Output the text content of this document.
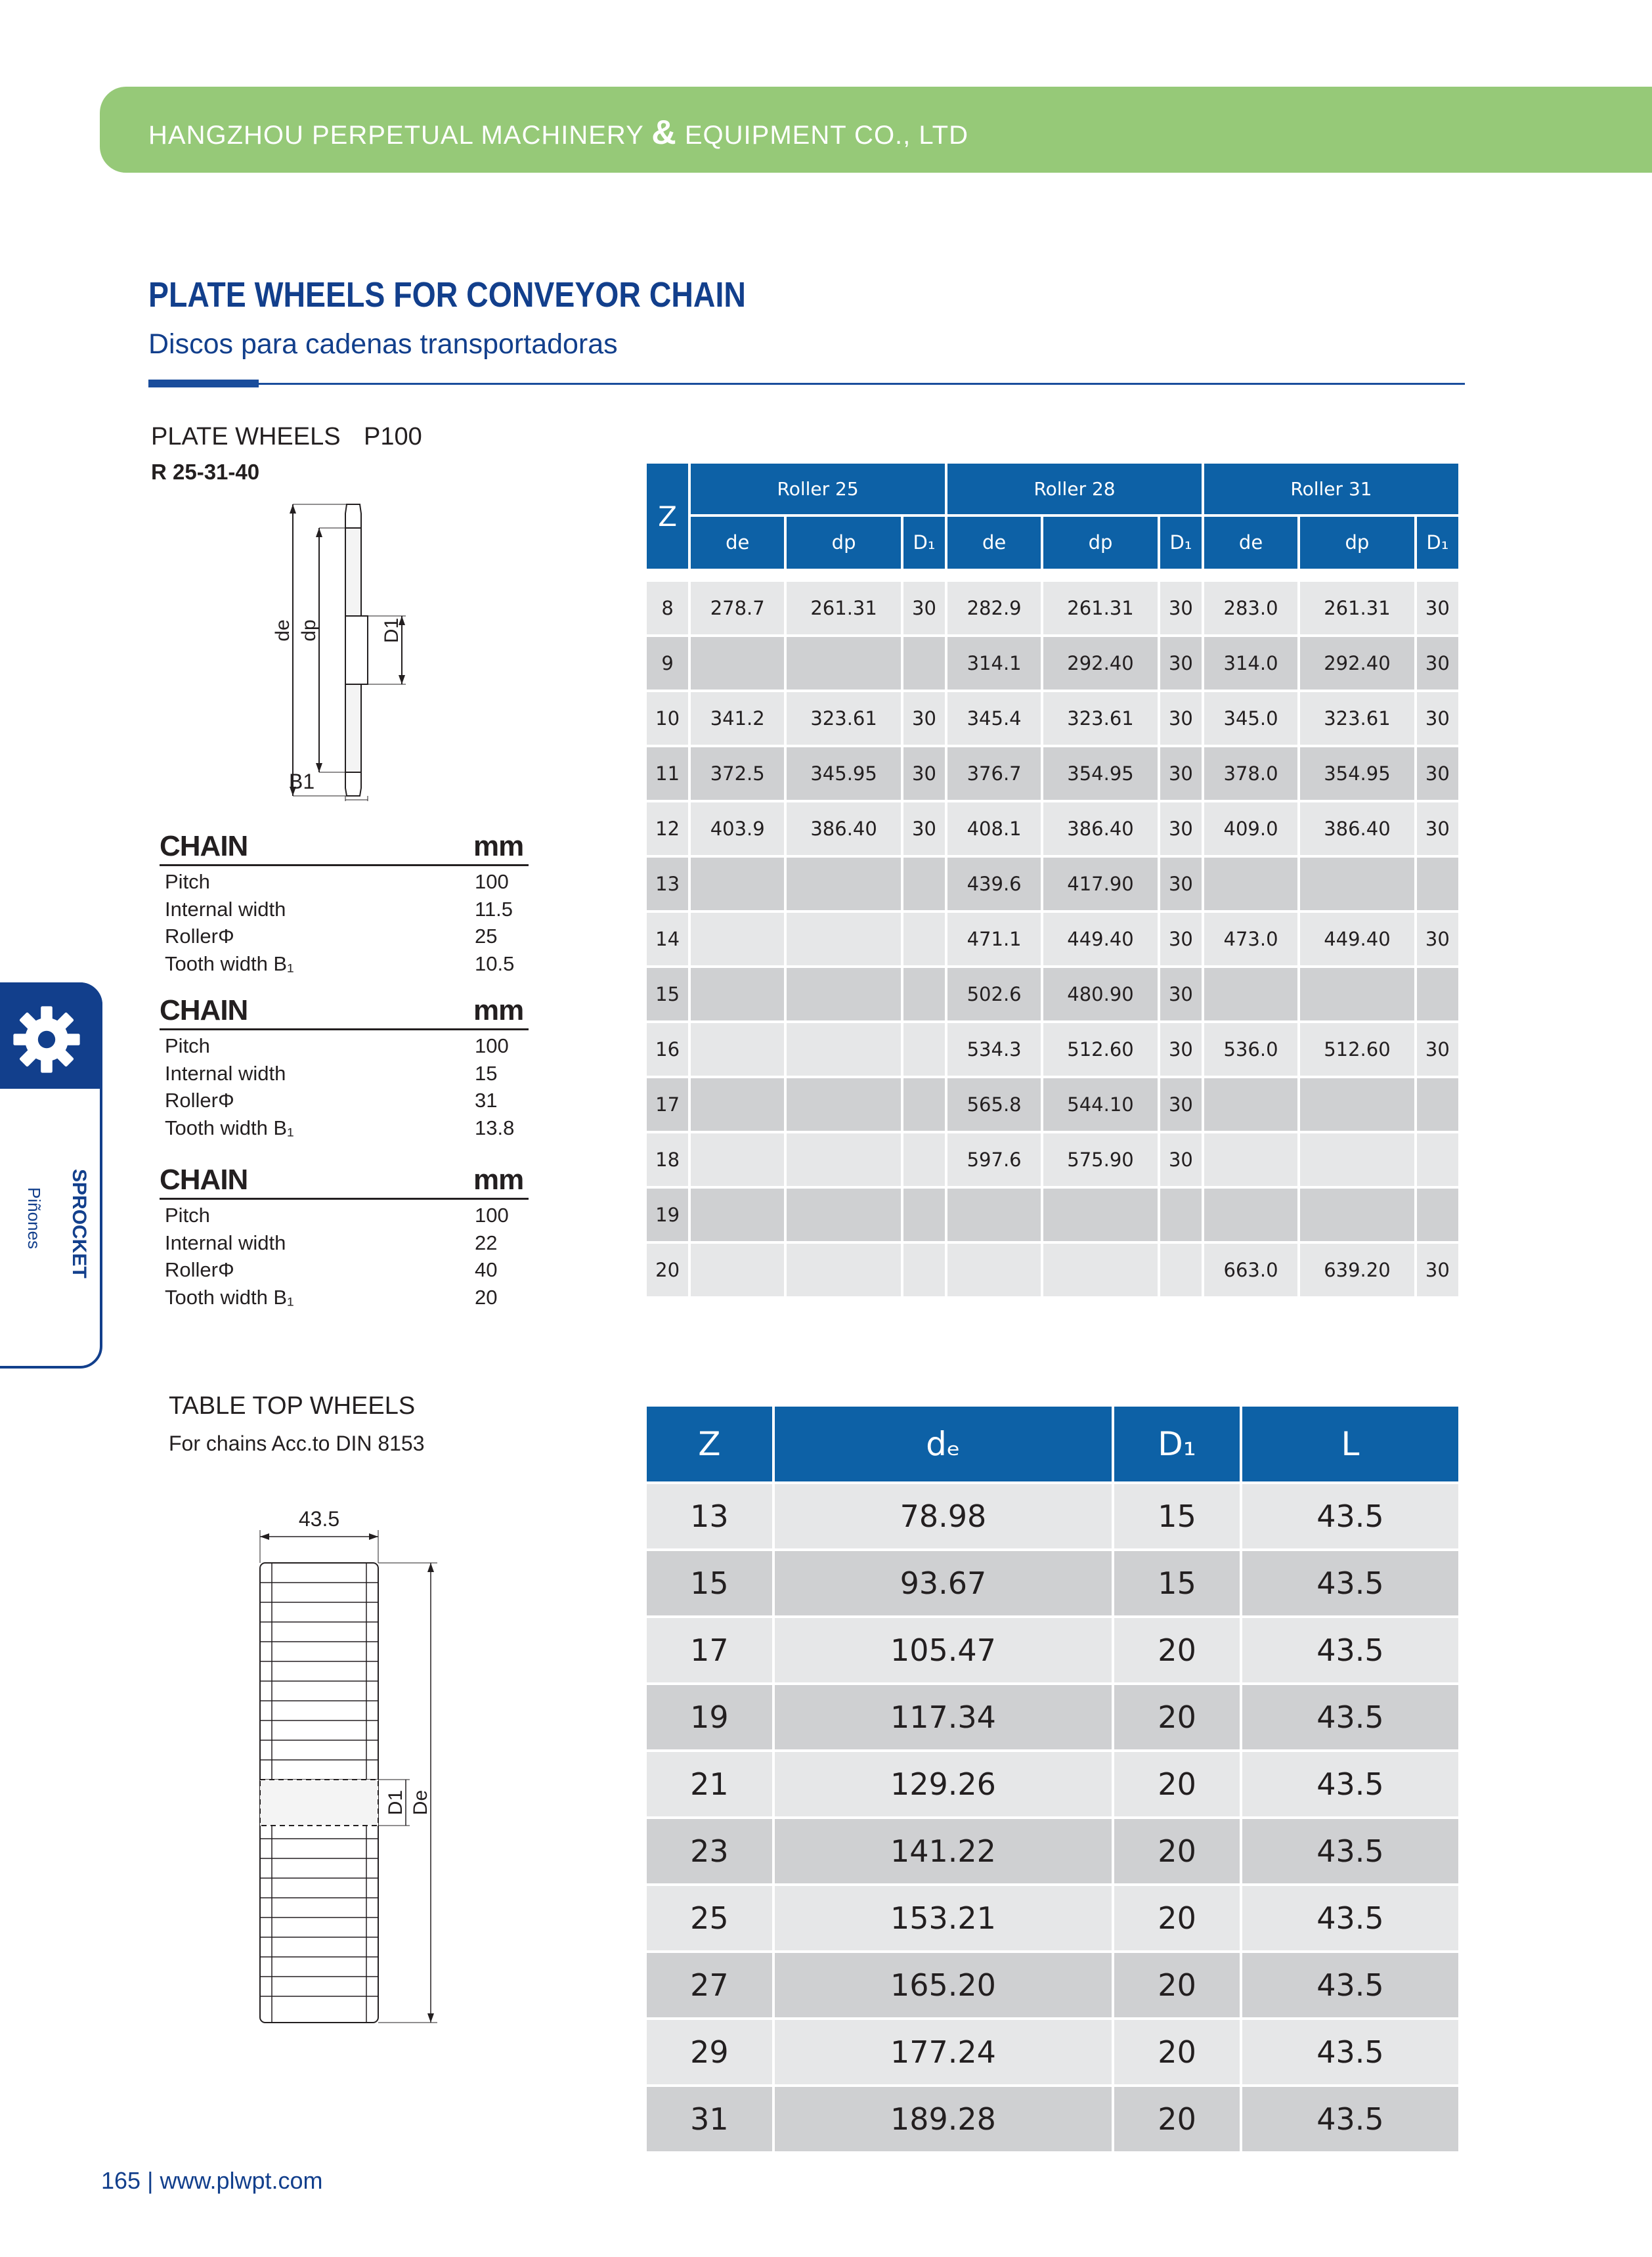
HANGZHOU PERPETUAL MACHINERY & EQUIPMENT CO., LTD
PLATE WHEELS FOR CONVEYOR CHAIN
Discos para cadenas transportadoras
PLATE WHEELS P100
R 25-31-40
de dp	D1
B1
CHAIN	mm
Pitch	100
Internal width	11.5
RollerΦ	25
Tooth width B₁	10.5
CHAIN	mm
Pitch	100
Internal width	15
RollerΦ	31
Tooth width B₁	13.8
CHAIN	mm
Pitch	100
Internal width	22
RollerΦ	40
Tooth width B₁	20
SPROCKET
Piñones
Z	Roller 25			Roller 28			Roller 31		
	de	dp	D₁	de	dp	D₁	de	dp	D₁

8	278.7	261.31	30	282.9	261.31	30	283.0	261.31	30
9				314.1	292.40	30	314.0	292.40	30
10	341.2	323.61	30	345.4	323.61	30	345.0	323.61	30
11	372.5	345.95	30	376.7	354.95	30	378.0	354.95	30
12	403.9	386.40	30	408.1	386.40	30	409.0	386.40	30
13				439.6	417.90	30			
14				471.1	449.40	30	473.0	449.40	30
15				502.6	480.90	30			
16				534.3	512.60	30	536.0	512.60	30
17				565.8	544.10	30			
18				597.6	575.90	30			
19									
20							663.0	639.20	30
TABLE TOP WHEELS
For chains Acc.to DIN 8153
43.5
D1 De
Z	dₑ	D₁	L
13	78.98	15	43.5
15	93.67	15	43.5
17	105.47	20	43.5
19	117.34	20	43.5
21	129.26	20	43.5
23	141.22	20	43.5
25	153.21	20	43.5
27	165.20	20	43.5
29	177.24	20	43.5
31	189.28	20	43.5
165 | www.plwpt.com
